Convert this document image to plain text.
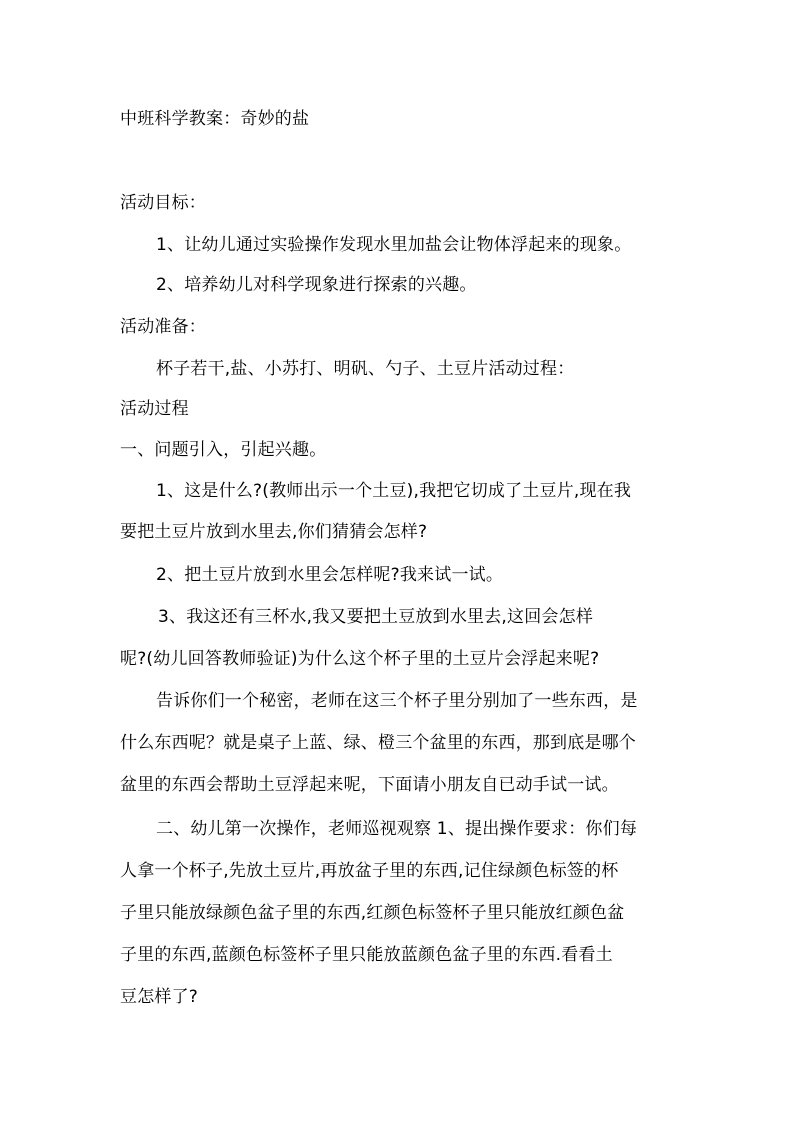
中班科学教案：奇妙的盐
活动目标：
1、让幼儿通过实验操作发现水里加盐会让物体浮起来的现象。
2、培养幼儿对科学现象进行探索的兴趣。
活动准备：
杯子若干,盐、小苏打、明矾、勺子、土豆片活动过程：
活动过程
一、问题引入，引起兴趣。
1、这是什么?(教师出示一个土豆),我把它切成了土豆片,现在我
要把土豆片放到水里去,你们猜猜会怎样?
2、把土豆片放到水里会怎样呢?我来试一试。
3、我这还有三杯水,我又要把土豆放到水里去,这回会怎样
呢?(幼儿回答教师验证)为什么这个杯子里的土豆片会浮起来呢?
告诉你们一个秘密，老师在这三个杯子里分别加了一些东西，是
什么东西呢？就是桌子上蓝、绿、橙三个盆里的东西，那到底是哪个
盆里的东西会帮助土豆浮起来呢，下面请小朋友自已动手试一试。
二、幼儿第一次操作，老师巡视观察 1、提出操作要求：你们每
人拿一个杯子,先放土豆片,再放盆子里的东西,记住绿颜色标签的杯
子里只能放绿颜色盆子里的东西,红颜色标签杯子里只能放红颜色盆
子里的东西,蓝颜色标签杯子里只能放蓝颜色盆子里的东西.看看土
豆怎样了?
